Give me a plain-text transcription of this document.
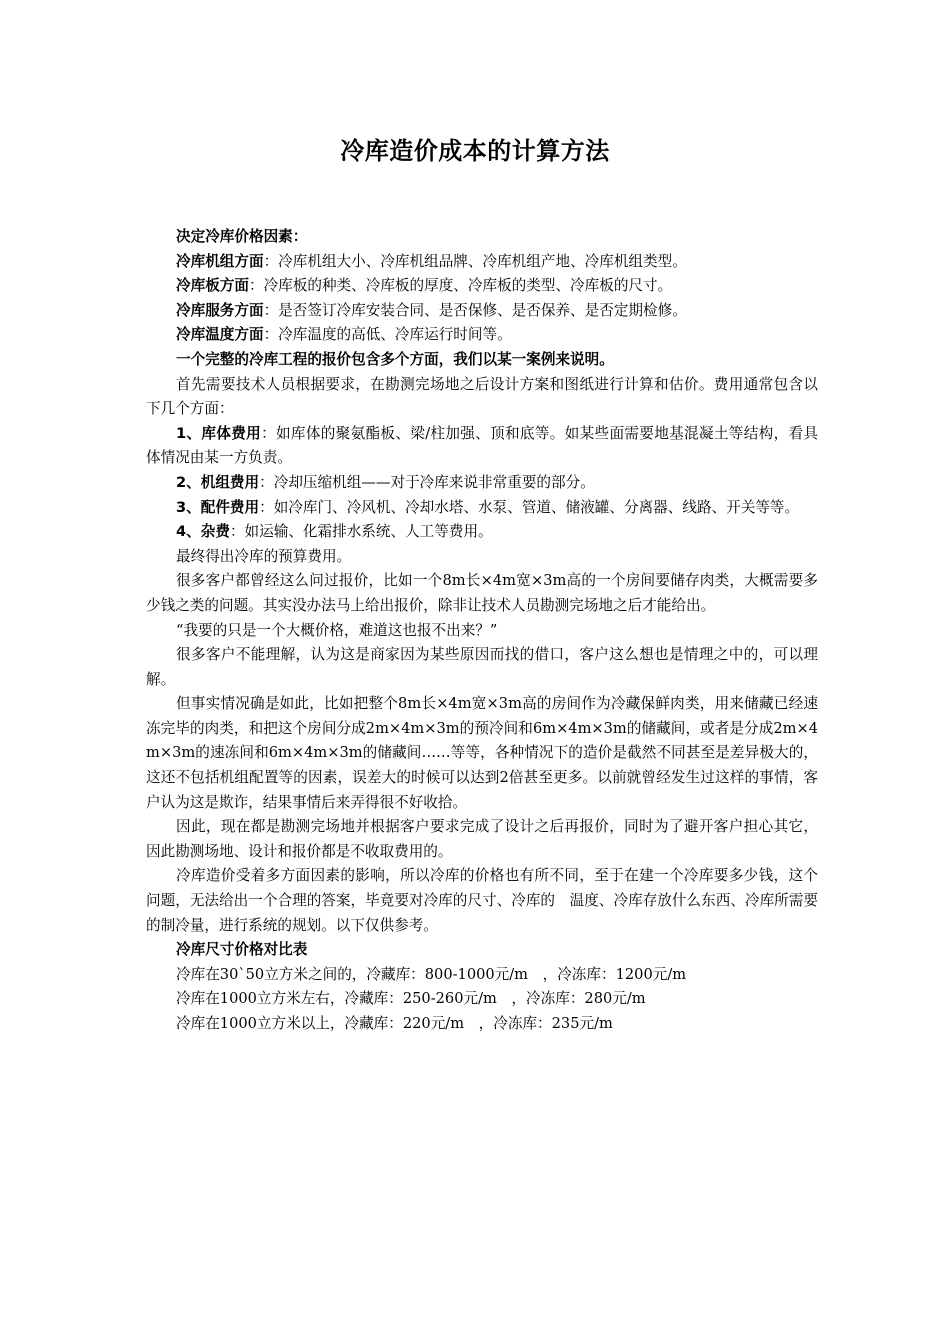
冷库造价成本的计算方法

决定冷库价格因素：

冷库机组方面：冷库机组大小、冷库机组品牌、冷库机组产地、冷库机组类型。

冷库板方面：冷库板的种类、冷库板的厚度、冷库板的类型、冷库板的尺寸。

冷库服务方面：是否签订冷库安装合同、是否保修、是否保养、是否定期检修。

冷库温度方面：冷库温度的高低、冷库运行时间等。

一个完整的冷库工程的报价包含多个方面，我们以某一案例来说明。

首先需要技术人员根据要求，在勘测完场地之后设计方案和图纸进行计算和估价。费用通常包含以下几个方面：

1、库体费用：如库体的聚氨酯板、梁/柱加强、顶和底等。如某些面需要地基混凝土等结构，看具体情况由某一方负责。

2、机组费用：冷却压缩机组——对于冷库来说非常重要的部分。

3、配件费用：如冷库门、冷风机、冷却水塔、水泵、管道、储液罐、分离器、线路、开关等等。

4、杂费：如运输、化霜排水系统、人工等费用。

最终得出冷库的预算费用。

很多客户都曾经这么问过报价，比如一个8m长×4m宽×3m高的一个房间要储存肉类，大概需要多少钱之类的问题。其实没办法马上给出报价，除非让技术人员勘测完场地之后才能给出。

“我要的只是一个大概价格，难道这也报不出来？”

很多客户不能理解，认为这是商家因为某些原因而找的借口，客户这么想也是情理之中的，可以理解。

但事实情况确是如此，比如把整个8m长×4m宽×3m高的房间作为冷藏保鲜肉类，用来储藏已经速冻完毕的肉类，和把这个房间分成2m×4m×3m的预冷间和6m×4m×3m的储藏间，或者是分成2m×4m×3m的速冻间和6m×4m×3m的储藏间……等等，各种情况下的造价是截然不同甚至是差异极大的，这还不包括机组配置等的因素，误差大的时候可以达到2倍甚至更多。以前就曾经发生过这样的事情，客户认为这是欺诈，结果事情后来弄得很不好收拾。

因此，现在都是勘测完场地并根据客户要求完成了设计之后再报价，同时为了避开客户担心其它，因此勘测场地、设计和报价都是不收取费用的。

冷库造价受着多方面因素的影响，所以冷库的价格也有所不同，至于在建一个冷库要多少钱，这个问题，无法给出一个合理的答案，毕竟要对冷库的尺寸、冷库的　温度、冷库存放什么东西、冷库所需要的制冷量，进行系统的规划。以下仅供参考。

冷库尺寸价格对比表

冷库在30`50立方米之间的，冷藏库：800-1000元/m　，冷冻库：1200元/m

冷库在1000立方米左右，冷藏库：250-260元/m　，冷冻库：280元/m

冷库在1000立方米以上，冷藏库：220元/m　，冷冻库：235元/m
